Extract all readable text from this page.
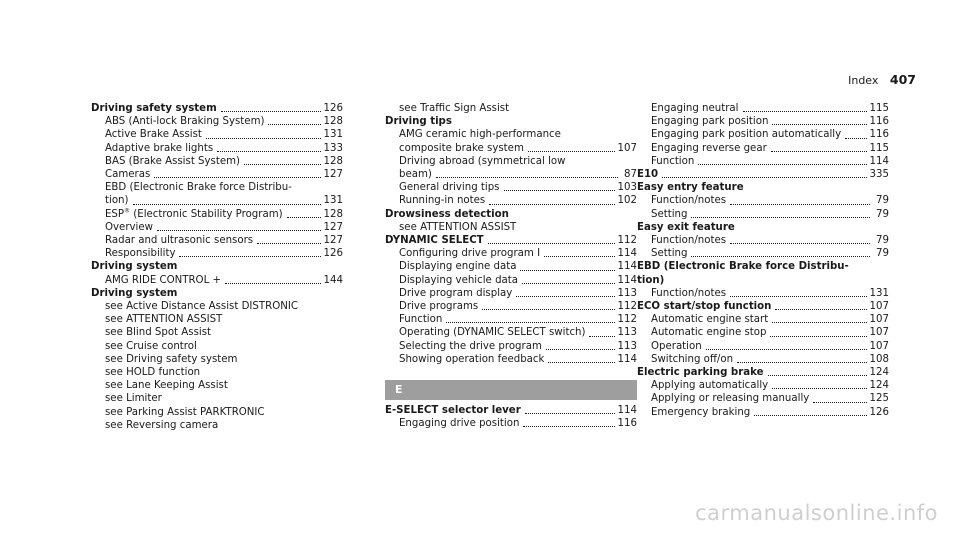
Index 407
Driving safety system	126
ABS (Anti-lock Braking System)	128
Active Brake Assist	131
Adaptive brake lights	133
BAS (Brake Assist System)	128
Cameras	127
EBD (Electronic Brake force Distribu-
tion)	131
ESP® (Electronic Stability Program)	128
Overview	127
Radar and ultrasonic sensors	127
Responsibility	126
Driving system
AMG RIDE CONTROL +	144
Driving system
see Active Distance Assist DISTRONIC
see ATTENTION ASSIST
see Blind Spot Assist
see Cruise control
see Driving safety system
see HOLD function
see Lane Keeping Assist
see Limiter
see Parking Assist PARKTRONIC
see Reversing camera
see Traffic Sign Assist
Driving tips
AMG ceramic high-performance
composite brake system	107
Driving abroad (symmetrical low
beam)	87
General driving tips	103
Running-in notes	102
Drowsiness detection
see ATTENTION ASSIST
DYNAMIC SELECT	112
Configuring drive program I	114
Displaying engine data	114
Displaying vehicle data	114
Drive program display	113
Drive programs	112
Function	112
Operating (DYNAMIC SELECT switch)	113
Selecting the drive program	113
Showing operation feedback	114
E
E-SELECT selector lever	114
Engaging drive position	116
Engaging neutral	115
Engaging park position	116
Engaging park position automatically	116
Engaging reverse gear	115
Function	114
E10	335
Easy entry feature
Function/notes	79
Setting	79
Easy exit feature
Function/notes	79
Setting	79
EBD (Electronic Brake force Distribu-
tion)
Function/notes	131
ECO start/stop function	107
Automatic engine start	107
Automatic engine stop	107
Operation	107
Switching off/on	108
Electric parking brake	124
Applying automatically	124
Applying or releasing manually	125
Emergency braking	126
carmanualsonline.info
